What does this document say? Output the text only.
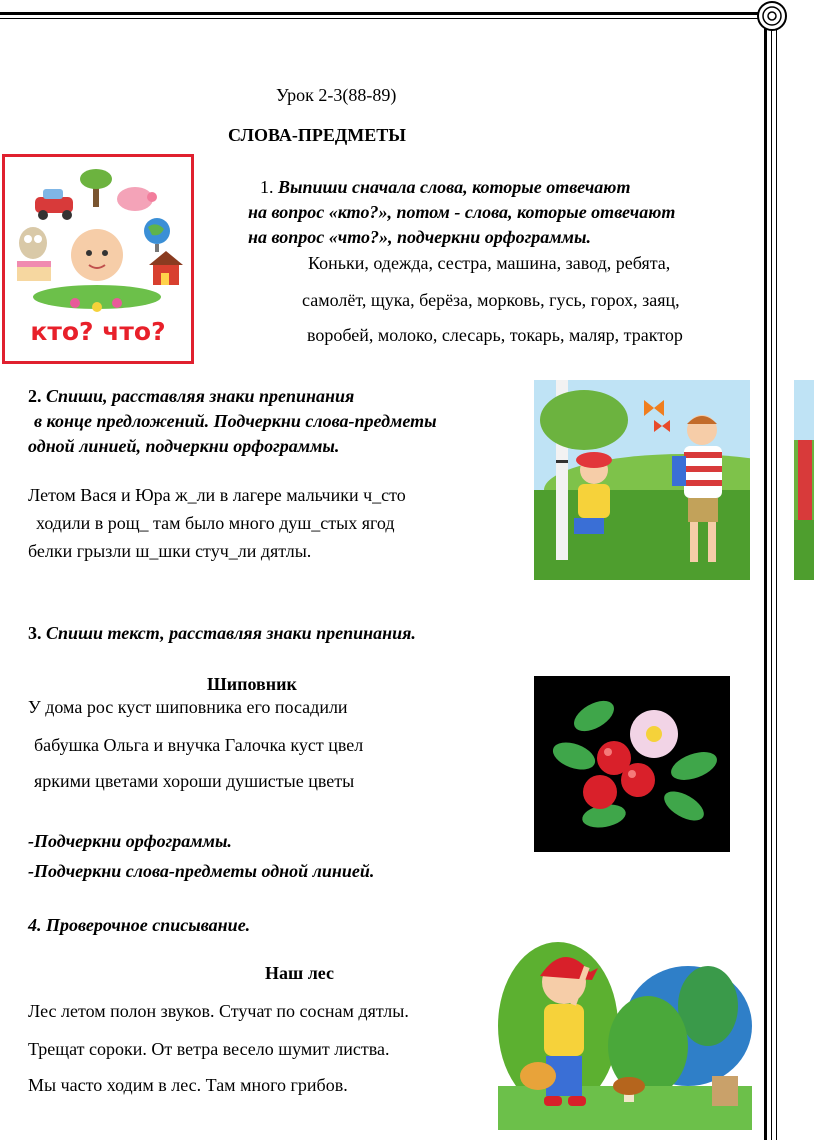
Урок 2-3(88-89)
СЛОВА-ПРЕДМЕТЫ
кто? что?
1. Выпиши сначала слова, которые отвечают
на вопрос «кто?», потом - слова, которые отвечают
на вопрос «что?», подчеркни орфограммы.
Коньки, одежда, сестра, машина, завод, ребята,
самолёт, щука, берёза, морковь, гусь, горох, заяц,
воробей, молоко, слесарь, токарь, маляр, трактор
2. Спиши, расставляя знаки препинания
в конце предложений. Подчеркни слова-предметы
одной линией, подчеркни орфограммы.
Летом Вася и Юра ж_ли в лагере мальчики ч_сто
ходили в рощ_ там было много душ_стых ягод
белки грызли ш_шки стуч_ли дятлы.
3. Спиши текст, расставляя знаки препинания.
Шиповник
У дома рос куст шиповника его посадили
бабушка Ольга и внучка Галочка куст цвел
яркими цветами хороши душистые цветы
-Подчеркни орфограммы.
-Подчеркни слова-предметы одной линией.
4. Проверочное списывание.
Наш лес
Лес летом полон звуков. Стучат по соснам дятлы.
Трещат сороки. От ветра весело шумит листва.
Мы часто ходим в лес. Там много грибов.
